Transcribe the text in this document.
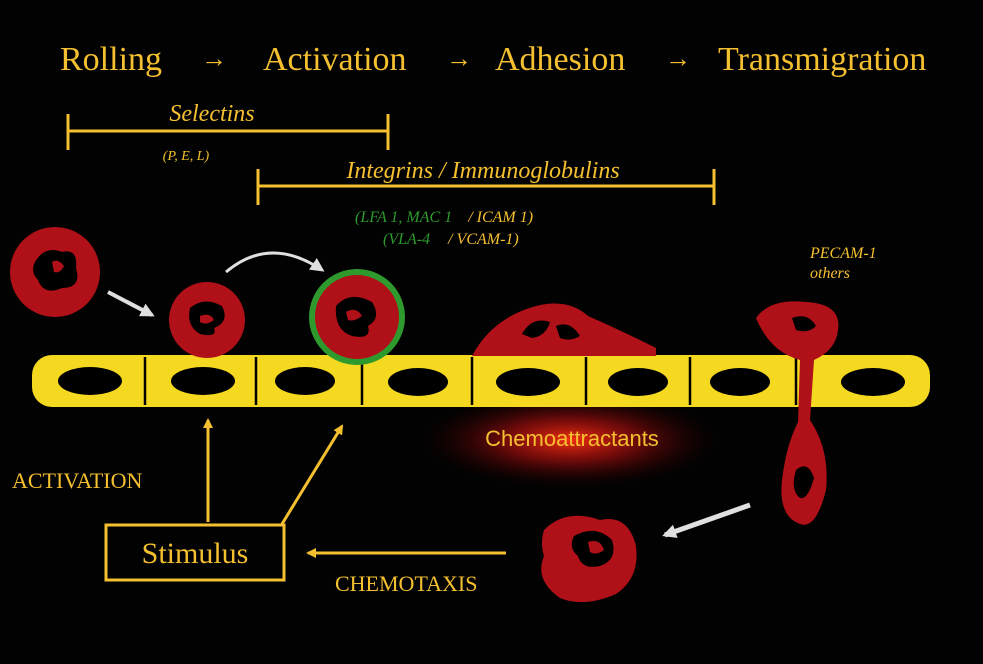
Rolling → Activation → Adhesion → Transmigration
Selectins
(P, E, L)
Integrins / Immunoglobulins
(LFA 1, MAC 1 / ICAM 1)
(VLA-4 / VCAM-1)
PECAM-1
others
Stimulus
Chemoattractants
ACTIVATION
CHEMOTAXIS
